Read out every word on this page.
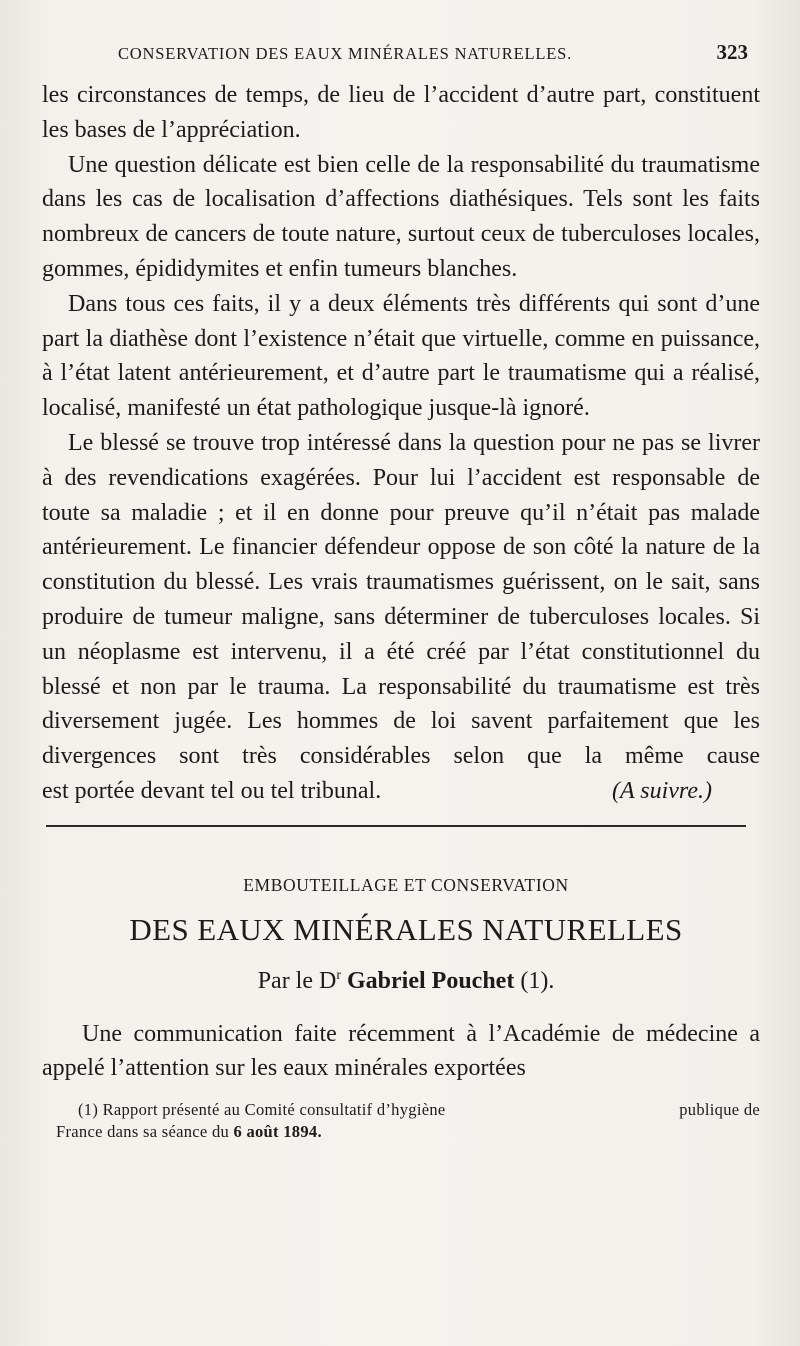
CONSERVATION DES EAUX MINÉRALES NATURELLES.	323

les circonstances de temps, de lieu de l’accident d’autre part, constituent les bases de l’appréciation.

Une question délicate est bien celle de la responsabilité du traumatisme dans les cas de localisation d’affections diathésiques. Tels sont les faits nombreux de cancers de toute nature, surtout ceux de tuberculoses locales, gommes, épididymites et enfin tumeurs blanches.

Dans tous ces faits, il y a deux éléments très différents qui sont d’une part la diathèse dont l’existence n’était que virtuelle, comme en puissance, à l’état latent antérieurement, et d’autre part le traumatisme qui a réalisé, localisé, manifesté un état pathologique jusque-là ignoré.

Le blessé se trouve trop intéressé dans la question pour ne pas se livrer à des revendications exagérées. Pour lui l’accident est responsable de toute sa maladie ; et il en donne pour preuve qu’il n’était pas malade antérieurement. Le financier défendeur oppose de son côté la nature de la constitution du blessé. Les vrais traumatismes guérissent, on le sait, sans produire de tumeur maligne, sans déterminer de tuberculoses locales. Si un néoplasme est intervenu, il a été créé par l’état constitutionnel du blessé et non par le trauma. La responsabilité du traumatisme est très diversement jugée. Les hommes de loi savent parfaitement que les divergences sont très considérables selon que la même cause

est portée devant tel ou tel tribunal.	(A suivre.)
EMBOUTEILLAGE ET CONSERVATION
DES EAUX MINÉRALES NATURELLES
Par le $D^r$ Gabriel Pouchet (1).

Une communication faite récemment à l’Académie de médecine a appelé l’attention sur les eaux minérales exportées

(1) Rapport présenté au Comité consultatif d’hygiène	publique de
France dans sa séance du 6 août 1894.
